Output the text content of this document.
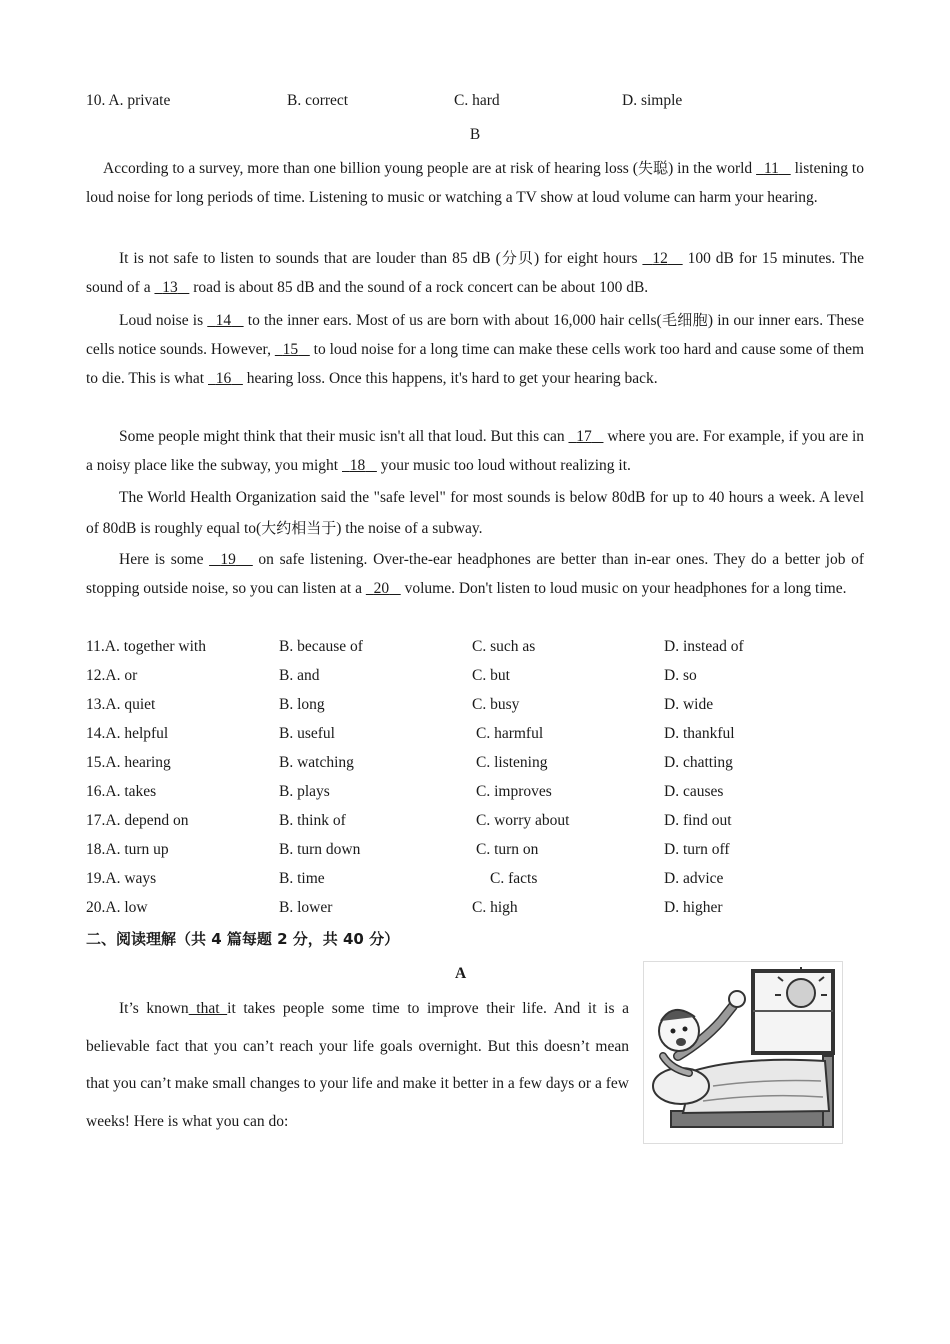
10. A. private	B. correct	C. hard	D. simple
B
According to a survey, more than one billion young people are at risk of hearing loss (失聪) in the world   11    listening to loud noise for long periods of time. Listening to music or watching a TV show at loud volume can harm your hearing.
It is not safe to listen to sounds that are louder than 85 dB (分贝) for eight hours   12    100 dB for 15 minutes. The sound of a   13    road is about 85 dB and the sound of a rock concert can be about 100 dB.
Loud noise is   14    to the inner ears. Most of us are born with about 16,000 hair cells(毛细胞) in our inner ears. These cells notice sounds. However,   15    to loud noise for a long time can make these cells work too hard and cause some of them to die. This is what   16    hearing loss. Once this happens, it's hard to get your hearing back.
Some people might think that their music isn't all that loud. But this can   17    where you are. For example, if you are in a noisy place like the subway, you might   18    your music too loud without realizing it.
The World Health Organization said the "safe level" for most sounds is below 80dB for up to 40 hours a week. A level of 80dB is roughly equal to(大约相当于) the noise of a subway.
Here is some   19    on safe listening. Over-the-ear headphones are better than in-ear ones. They do a better job of stopping outside noise, so you can listen at a   20    volume. Don't listen to loud music on your headphones for a long time.
11.A. together with	B. because of	C. such as	D. instead of
12.A. or	B. and	C. but	D. so
13.A. quiet	B. long	C. busy	D. wide
14.A. helpful	B. useful	C. harmful	D. thankful
15.A. hearing	B. watching	C. listening	D. chatting
16.A. takes	B. plays	C. improves	D. causes
17.A. depend on	B. think of	C. worry about	D. find out
18.A. turn up	B. turn down	C. turn on	D. turn off
19.A. ways	B. time	C. facts	D. advice
20.A. low	B. lower	C. high	D. higher
二、阅读理解（共 4 篇每题 2 分，共 40 分）
A
It’s known that it takes people some time to improve their life. And it is a believable fact that you can’t reach your life goals overnight. But this doesn’t mean that you can’t make small changes to your life and make it better in a few days or a few weeks! Here is what you can do:
